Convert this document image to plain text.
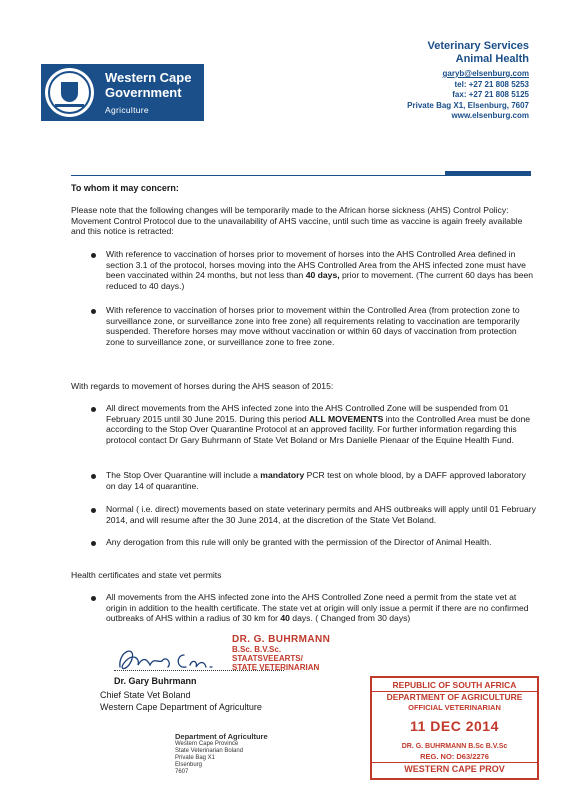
Western Cape
Government
Agriculture
Veterinary Services
Animal Health
garyb@elsenburg.com
tel: +27 21 808 5253
fax: +27 21 808 5125
Private Bag X1, Elsenburg, 7607
www.elsenburg.com
To whom it may concern:
Please note that the following changes will be temporarily made to the African horse sickness (AHS) Control Policy: Movement Control Protocol due to the unavailability of AHS vaccine, until such time as vaccine is again freely available and this notice is retracted:
With reference to vaccination of horses prior to movement of horses into the AHS Controlled Area defined in section 3.1 of the protocol, horses moving into the AHS Controlled Area from the AHS infected zone must have been vaccinated within 24 months, but not less than 40 days, prior to movement. (The current 60 days has been reduced to 40 days.)
With reference to vaccination of horses prior to movement within the Controlled Area (from protection zone to surveillance zone, or surveillance zone into free zone) all requirements relating to vaccination are temporarily suspended. Therefore horses may move without vaccination or within 60 days of vaccination from protection zone to surveillance zone, or surveillance zone to free zone.
With regards to movement of horses during the AHS season of 2015:
All direct movements from the AHS infected zone into the AHS Controlled Zone will be suspended from 01 February 2015 until 30 June 2015. During this period ALL MOVEMENTS into the Controlled Area must be done according to the Stop Over Quarantine Protocol at an approved facility. For further information regarding this protocol contact Dr Gary Buhrmann of State Vet Boland or Mrs Danielle Pienaar of the Equine Health Fund.
The Stop Over Quarantine will include a mandatory PCR test on whole blood, by a DAFF approved laboratory on day 14 of quarantine.
Normal ( i.e. direct) movements based on state veterinary permits and AHS outbreaks will apply until 01 February 2014, and will resume after the 30 June 2014, at the discretion of the State Vet Boland.
Any derogation from this rule will only be granted with the permission of the Director of Animal Health.
Health certificates and state vet permits
All movements from the AHS infected zone into the AHS Controlled Zone need a permit from the state vet at origin in addition to the health certificate. The state vet at origin will only issue a permit if there are no confirmed outbreaks of AHS within a radius of 30 km for 40 days. ( Changed from 30 days)
DR. G. BUHRMANN
B.Sc. B.V.Sc.
STAATSVEEARTS/
STATE VETERINARIAN
Dr. Gary Buhrmann
Chief State Vet Boland
Western Cape Department of Agriculture
REPUBLIC OF SOUTH AFRICA
DEPARTMENT OF AGRICULTURE
OFFICIAL VETERINARIAN
11 DEC 2014
DR. G. BUHRMANN B.Sc B.V.Sc
REG. NO: D63/2276
WESTERN CAPE PROV
Department of Agriculture
Western Cape Province
State Veterinarian Boland
Private Bag X1
Elsenburg
7607
